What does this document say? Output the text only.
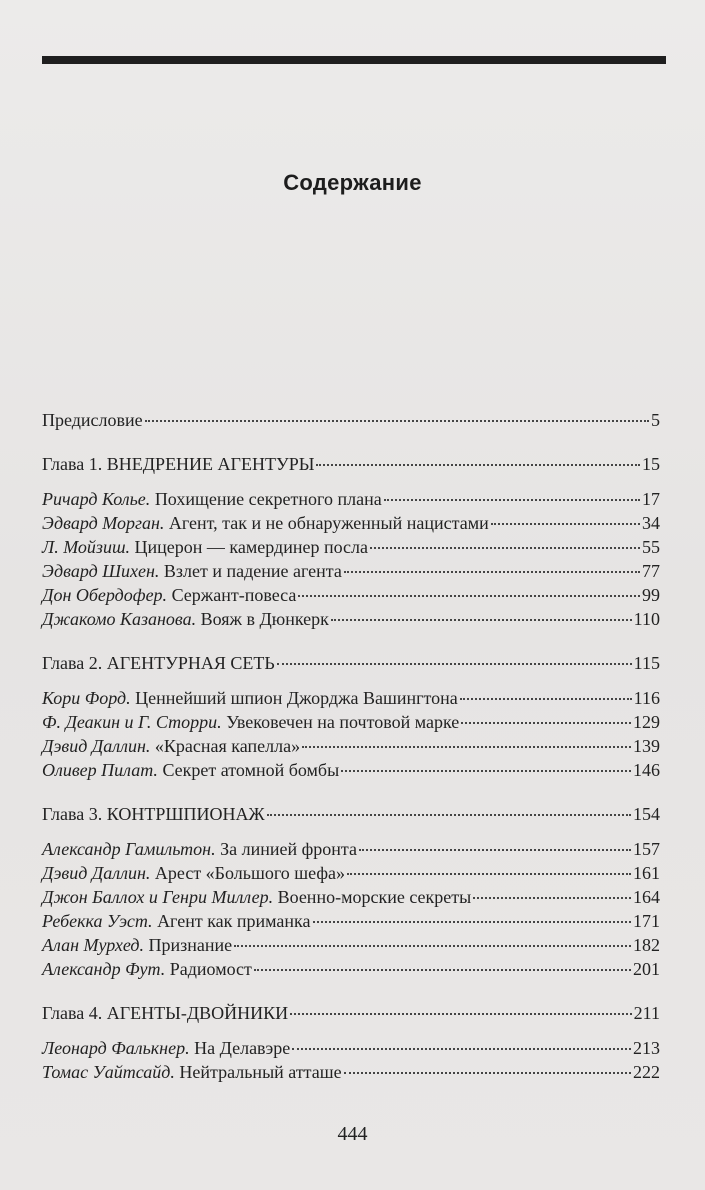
Содержание
Предисловие	5
Глава 1. ВНЕДРЕНИЕ АГЕНТУРЫ	15
Ричард Колье. Похищение секретного плана	17
Эдвард Морган. Агент, так и не обнаруженный нацистами	34
Л. Мойзиш. Цицерон — камердинер посла	55
Эдвард Шихен. Взлет и падение агента	77
Дон Обердофер. Сержант-повеса	99
Джакомо Казанова. Вояж в Дюнкерк	110
Глава 2. АГЕНТУРНАЯ СЕТЬ	115
Кори Форд. Ценнейший шпион Джорджа Вашингтона	116
Ф. Деакин и Г. Сторри. Увековечен на почтовой марке	129
Дэвид Даллин. «Красная капелла»	139
Оливер Пилат. Секрет атомной бомбы	146
Глава 3. КОНТРШПИОНАЖ	154
Александр Гамильтон. За линией фронта	157
Дэвид Даллин. Арест «Большого шефа»	161
Джон Баллох и Генри Миллер. Военно-морские секреты	164
Ребекка Уэст. Агент как приманка	171
Алан Мурхед. Признание	182
Александр Фут. Радиомост	201
Глава 4. АГЕНТЫ-ДВОЙНИКИ	211
Леонард Фалькнер. На Делавэре	213
Томас Уайтсайд. Нейтральный атташе	222
444
